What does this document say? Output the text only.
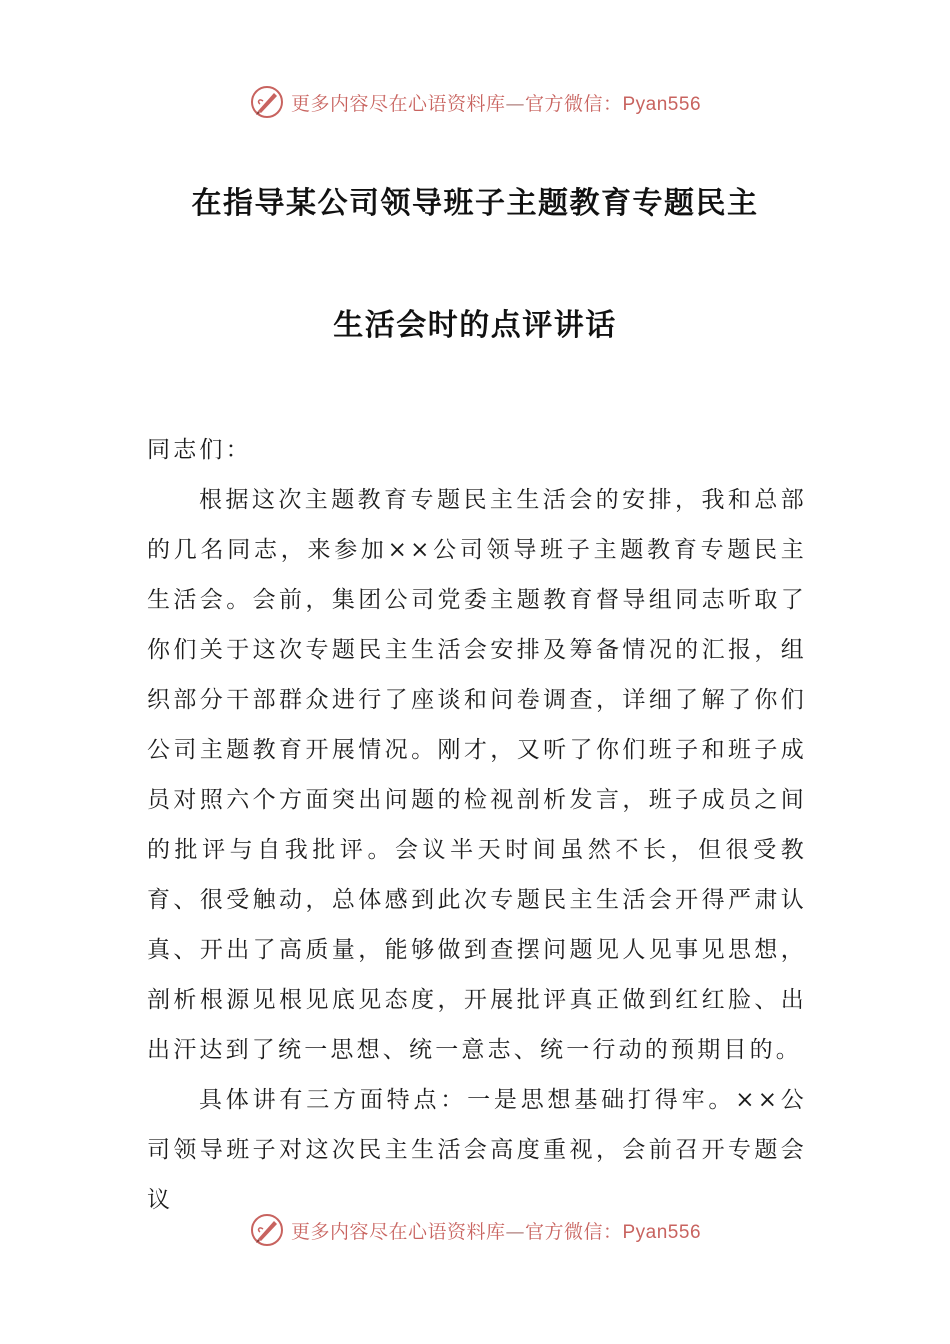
更多内容尽在心语资料库—官方微信：Pyan556
在指导某公司领导班子主题教育专题民主
生活会时的点评讲话

同志们：

根据这次主题教育专题民主生活会的安排，我和总部的几名同志，来参加××公司领导班子主题教育专题民主生活会。会前，集团公司党委主题教育督导组同志听取了你们关于这次专题民主生活会安排及筹备情况的汇报，组织部分干部群众进行了座谈和问卷调查，详细了解了你们公司主题教育开展情况。刚才，又听了你们班子和班子成员对照六个方面突出问题的检视剖析发言，班子成员之间的批评与自我批评。会议半天时间虽然不长，但很受教育、很受触动，总体感到此次专题民主生活会开得严肃认真、开出了高质量，能够做到查摆问题见人见事见思想，剖析根源见根见底见态度，开展批评真正做到红红脸、出出汗达到了统一思想、统一意志、统一行动的预期目的。

具体讲有三方面特点：一是思想基础打得牢。××公司领导班子对这次民主生活会高度重视，会前召开专题会议

更多内容尽在心语资料库—官方微信：Pyan556
